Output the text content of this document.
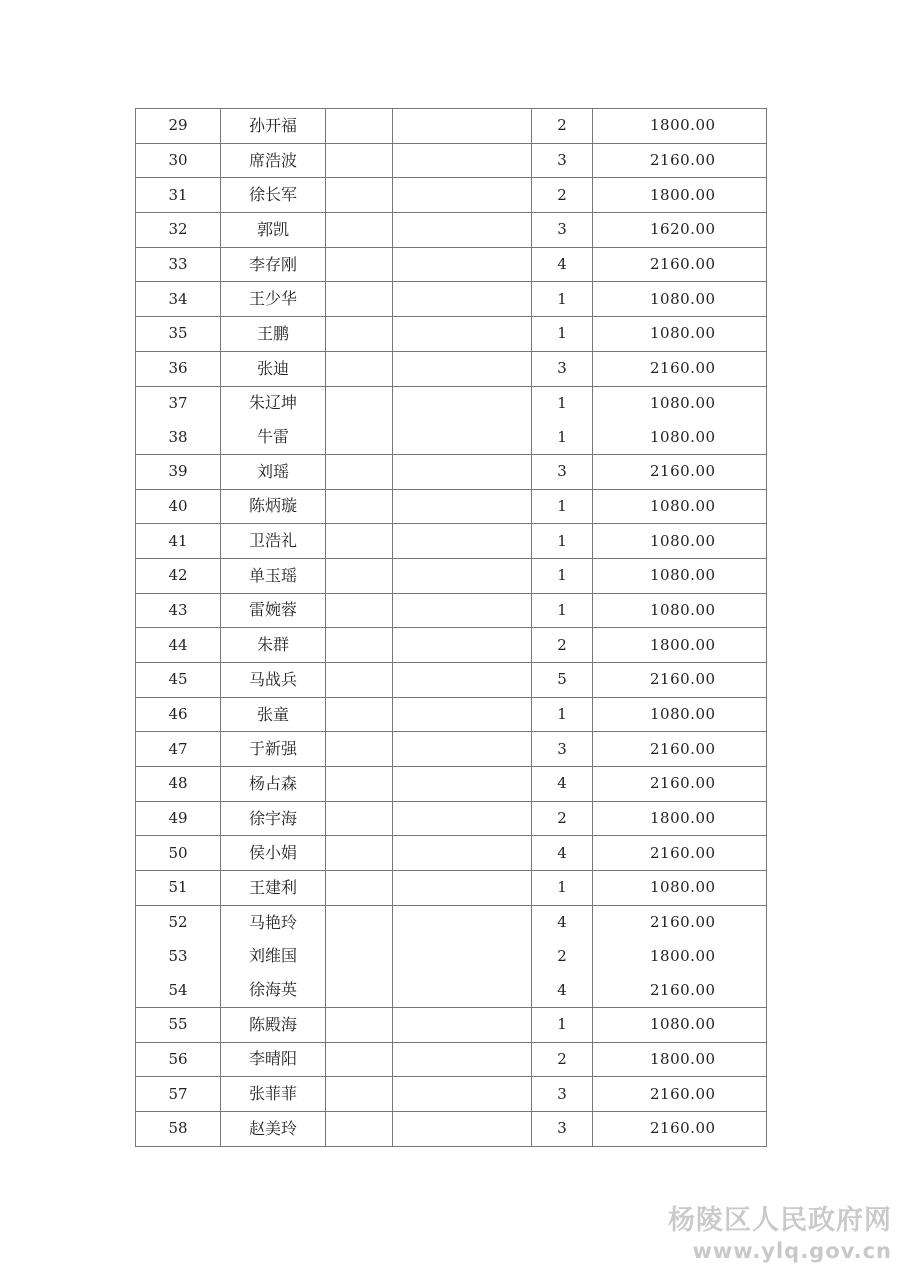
29	孙开福			2	1800.00
30	席浩波			3	2160.00
31	徐长军			2	1800.00
32	郭凯			3	1620.00
33	李存刚			4	2160.00
34	王少华			1	1080.00
35	王鹏			1	1080.00
36	张迪			3	2160.00
37	朱辽坤			1	1080.00
38	牛雷			1	1080.00
39	刘瑶			3	2160.00
40	陈炳璇			1	1080.00
41	卫浩礼			1	1080.00
42	单玉瑶			1	1080.00
43	雷婉蓉			1	1080.00
44	朱群			2	1800.00
45	马战兵			5	2160.00
46	张童			1	1080.00
47	于新强			3	2160.00
48	杨占森			4	2160.00
49	徐宇海			2	1800.00
50	侯小娟			4	2160.00
51	王建利			1	1080.00
52	马艳玲			4	2160.00
53	刘维国			2	1800.00
54	徐海英			4	2160.00
55	陈殿海			1	1080.00
56	李晴阳			2	1800.00
57	张菲菲			3	2160.00
58	赵美玲			3	2160.00
杨陵区人民政府网
www.ylq.gov.cn
